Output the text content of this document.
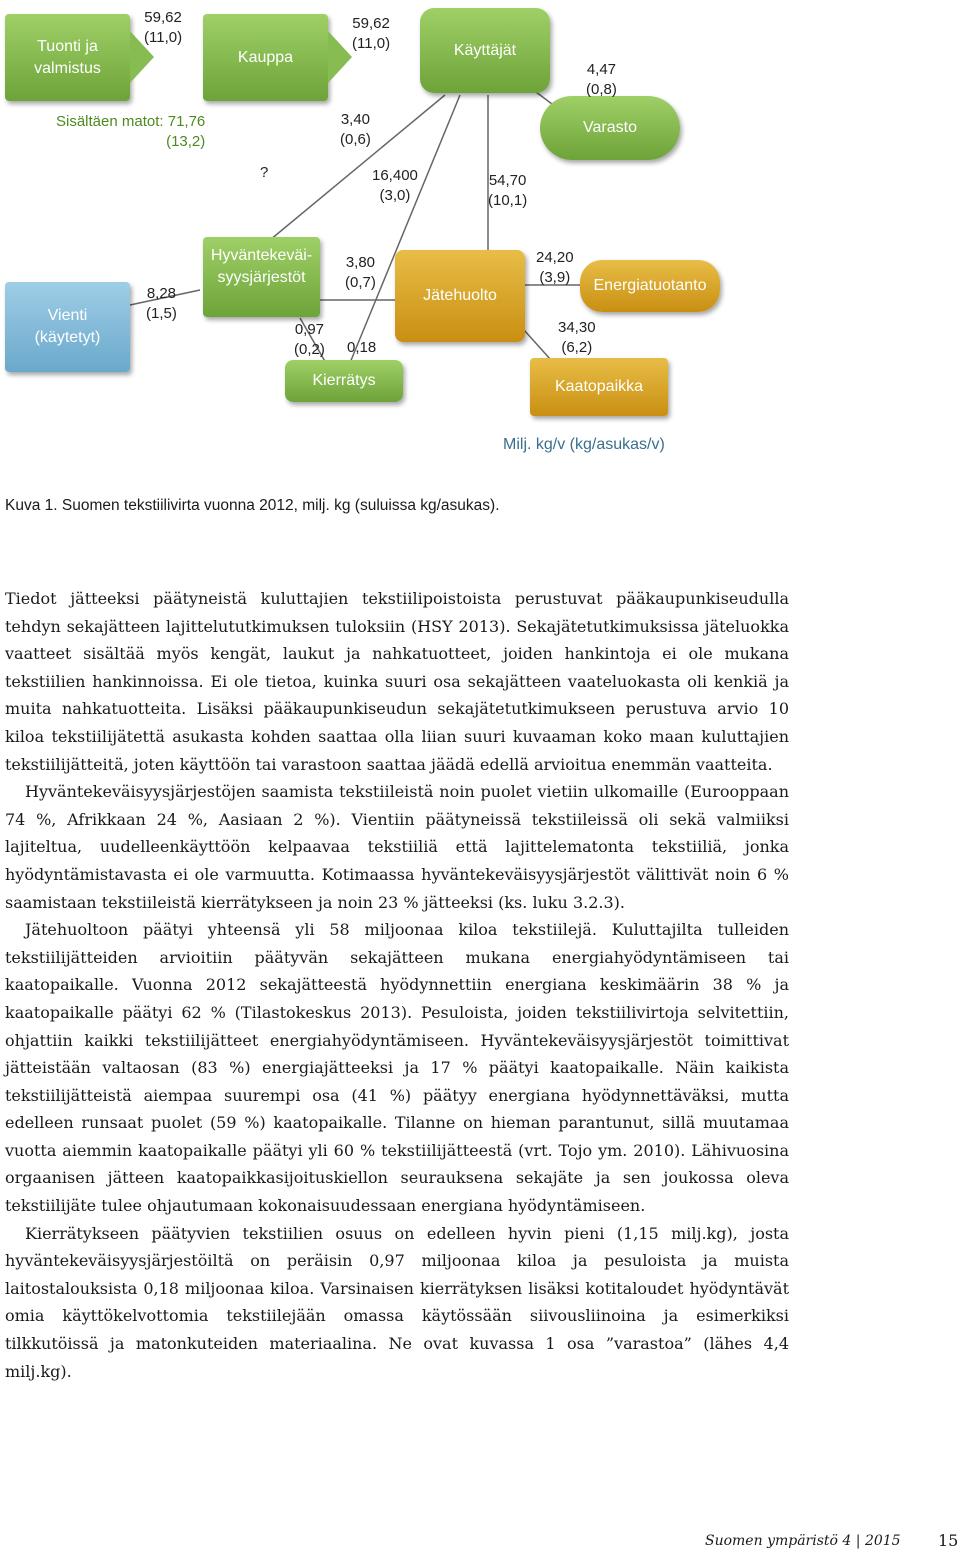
Tuonti ja
valmistus
Kauppa	Käyttäjät
Varasto
Vienti
(käytetyt)
Hyväntekeväi-
syysjärjestöt
Kierrätys
Jätehuolto
Energiatuotanto
Kaatopaikka
59,62
(11,0)
59,62
(11,0)
4,47
(0,8)
Sisältäen matot: 71,76
(13,2)
?
3,40
(0,6)
16,400
(3,0)
54,70
(10,1)
8,28
(1,5)
3,80
(0,7)
0,97
(0,2) 0,18
24,20
(3,9)
34,30
(6,2)
Milj. kg/v (kg/asukas/v)
Kuva 1. Suomen tekstiilivirta vuonna 2012, milj. kg (suluissa kg/asukas).

Tiedot jätteeksi päätyneistä kuluttajien tekstiilipoistoista perustuvat pääkaupunkiseudulla tehdyn sekajätteen lajittelututkimuksen tuloksiin (HSY 2013). Sekajätetutkimuksissa jäteluokka vaatteet sisältää myös kengät, laukut ja nahkatuotteet, joiden hankintoja ei ole mukana tekstiilien hankinnoissa. Ei ole tietoa, kuinka suuri osa sekajätteen vaateluokasta oli kenkiä ja muita nahkatuotteita. Lisäksi pääkaupunkiseudun sekajätetutkimukseen perustuva arvio 10 kiloa tekstiilijätettä asukasta kohden saattaa olla liian suuri kuvaaman koko maan kuluttajien tekstiilijätteitä, joten käyttöön tai varastoon saattaa jäädä edellä arvioitua enemmän vaatteita.

Hyväntekeväisyysjärjestöjen saamista tekstiileistä noin puolet vietiin ulkomaille (Eurooppaan 74 %, Afrikkaan 24 %, Aasiaan 2 %). Vientiin päätyneissä tekstiileissä oli sekä valmiiksi lajiteltua, uudelleenkäyttöön kelpaavaa tekstiiliä että lajittelematonta tekstiiliä, jonka hyödyntämistavasta ei ole varmuutta. Kotimaassa hyväntekeväisyysjärjestöt välittivät noin 6 % saamistaan tekstiileistä kierrätykseen ja noin 23 % jätteeksi (ks. luku 3.2.3).

Jätehuoltoon päätyi yhteensä yli 58 miljoonaa kiloa tekstiilejä. Kuluttajilta tulleiden tekstiilijätteiden arvioitiin päätyvän sekajätteen mukana energiahyödyntämiseen tai kaatopaikalle. Vuonna 2012 sekajätteestä hyödynnettiin energiana keskimäärin 38 % ja kaatopaikalle päätyi 62 % (Tilastokeskus 2013). Pesuloista, joiden tekstiilivirtoja selvitettiin, ohjattiin kaikki tekstiilijätteet energiahyödyntämiseen. Hyväntekeväisyysjärjestöt toimittivat jätteistään valtaosan (83 %) energiajätteeksi ja 17 % päätyi kaatopaikalle. Näin kaikista tekstiilijätteistä aiempaa suurempi osa (41 %) päätyy energiana hyödynnettäväksi, mutta edelleen runsaat puolet (59 %) kaatopaikalle. Tilanne on hieman parantunut, sillä muutamaa vuotta aiemmin kaatopaikalle päätyi yli 60 % tekstiilijätteestä (vrt. Tojo ym. 2010). Lähivuosina orgaanisen jätteen kaatopaikkasijoituskiellon seurauksena sekajäte ja sen joukossa oleva tekstiilijäte tulee ohjautumaan kokonaisuudessaan energiana hyödyntämiseen.

Kierrätykseen päätyvien tekstiilien osuus on edelleen hyvin pieni (1,15 milj.kg), josta hyväntekeväisyysjärjestöiltä on peräisin 0,97 miljoonaa kiloa ja pesuloista ja muista laitostalouksista 0,18 miljoonaa kiloa. Varsinaisen kierrätyksen lisäksi kotitaloudet hyödyntävät omia käyttökelvottomia tekstiilejään omassa käytössään siivousliinoina ja esimerkiksi tilkkutöissä ja matonkuteiden materiaalina. Ne ovat kuvassa 1 osa ”varastoa” (lähes 4,4 milj.kg).

Suomen ympäristö 4 | 2015 15
